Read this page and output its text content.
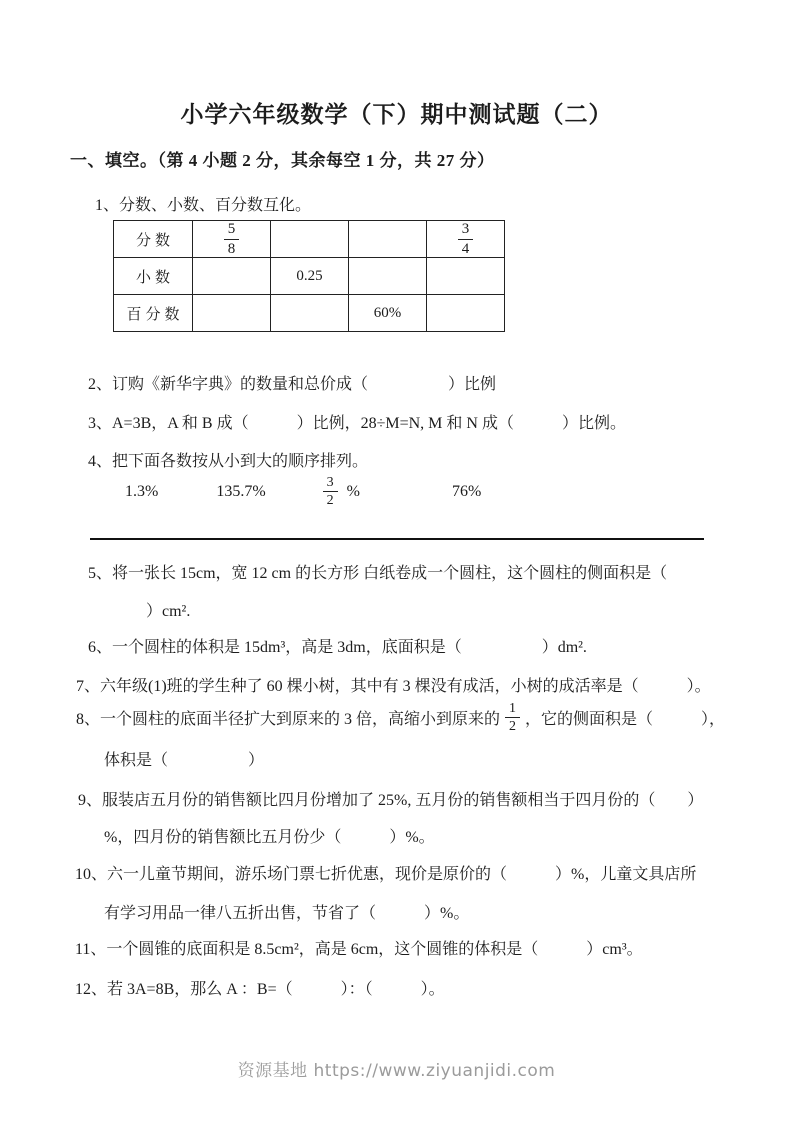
小学六年级数学（下）期中测试题（二）
一、填空。（第 4 小题 2 分，其余每空 1 分，共 27 分）
1、分数、小数、百分数互化。
分数	$\frac{5}{8}$			$\frac{3}{4}$

小数		0.25		
百分数			60%	
2、订购《新华字典》的数量和总价成（　　　　　）比例
3、A=3B，A 和 B 成（　　　）比例，28÷M=N, M 和 N 成（　　　）比例。
4、把下面各数按从小到大的顺序排列。
1.3%	135.7%	$\frac{3}{2}$ %	76%
5、将一张长 15cm，宽 12 cm 的长方形 白纸卷成一个圆柱，这个圆柱的侧面积是（
）cm².
6、一个圆柱的体积是 15dm³，高是 3dm，底面积是（　　　　　）dm².
7、六年级(1)班的学生种了 60 棵小树，其中有 3 棵没有成活，小树的成活率是（　　　）。
8、一个圆柱的底面半径扩大到原来的 3 倍，高缩小到原来的 $\frac{1}{2}$ ，它的侧面积是（　　　），
体积是（　　　　　）
9、服装店五月份的销售额比四月份增加了 25%, 五月份的销售额相当于四月份的（　　）
%，四月份的销售额比五月份少（　　　）%。
10、六一儿童节期间，游乐场门票七折优惠，现价是原价的（　　　）%，儿童文具店所
有学习用品一律八五折出售，节省了（　　　）%。
11、一个圆锥的底面积是 8.5cm²，高是 6cm，这个圆锥的体积是（　　　）cm³。
12、若 3A=8B，那么 A ：B=（　　　）：（　　　）。
资源基地 https://www.ziyuanjidi.com
